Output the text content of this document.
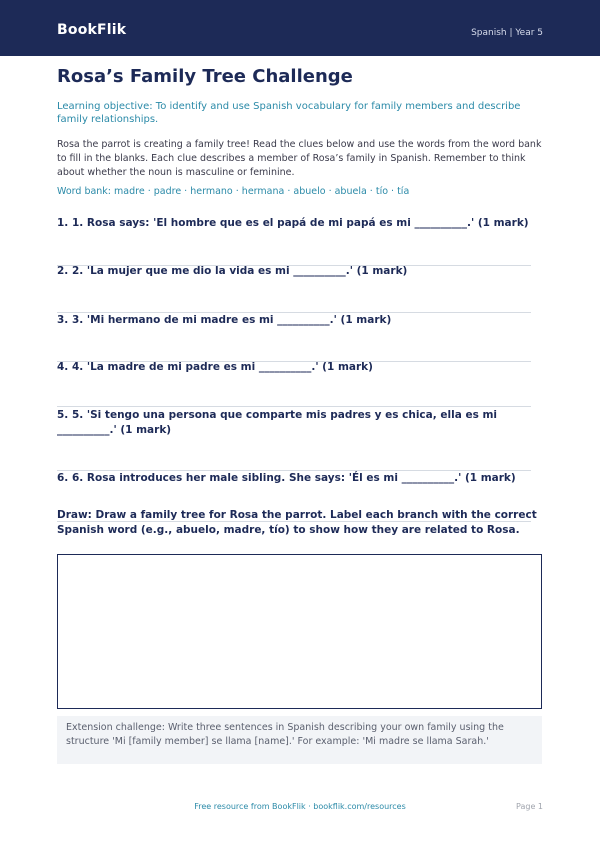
BookFlik	Spanish | Year 5
Rosa’s Family Tree Challenge
Learning objective: To identify and use Spanish vocabulary for family members and describe family relationships.
Rosa the parrot is creating a family tree! Read the clues below and use the words from the word bank to fill in the blanks. Each clue describes a member of Rosa’s family in Spanish. Remember to think about whether the noun is masculine or feminine.
Word bank: madre · padre · hermano · hermana · abuelo · abuela · tío · tía
1. 1. Rosa says: 'El hombre que es el papá de mi papá es mi __________.' (1 mark)
2. 2. 'La mujer que me dio la vida es mi __________.' (1 mark)
3. 3. 'Mi hermano de mi madre es mi __________.' (1 mark)
4. 4. 'La madre de mi padre es mi __________.' (1 mark)
5. 5. 'Si tengo una persona que comparte mis padres y es chica, ella es mi __________.' (1 mark)
6. 6. Rosa introduces her male sibling. She says: 'Él es mi __________.' (1 mark)
Draw: Draw a family tree for Rosa the parrot. Label each branch with the correct Spanish word (e.g., abuelo, madre, tío) to show how they are related to Rosa.
Extension challenge: Write three sentences in Spanish describing your own family using the structure 'Mi [family member] se llama [name].' For example: 'Mi madre se llama Sarah.'
Free resource from BookFlik · bookflik.com/resources	Page 1
